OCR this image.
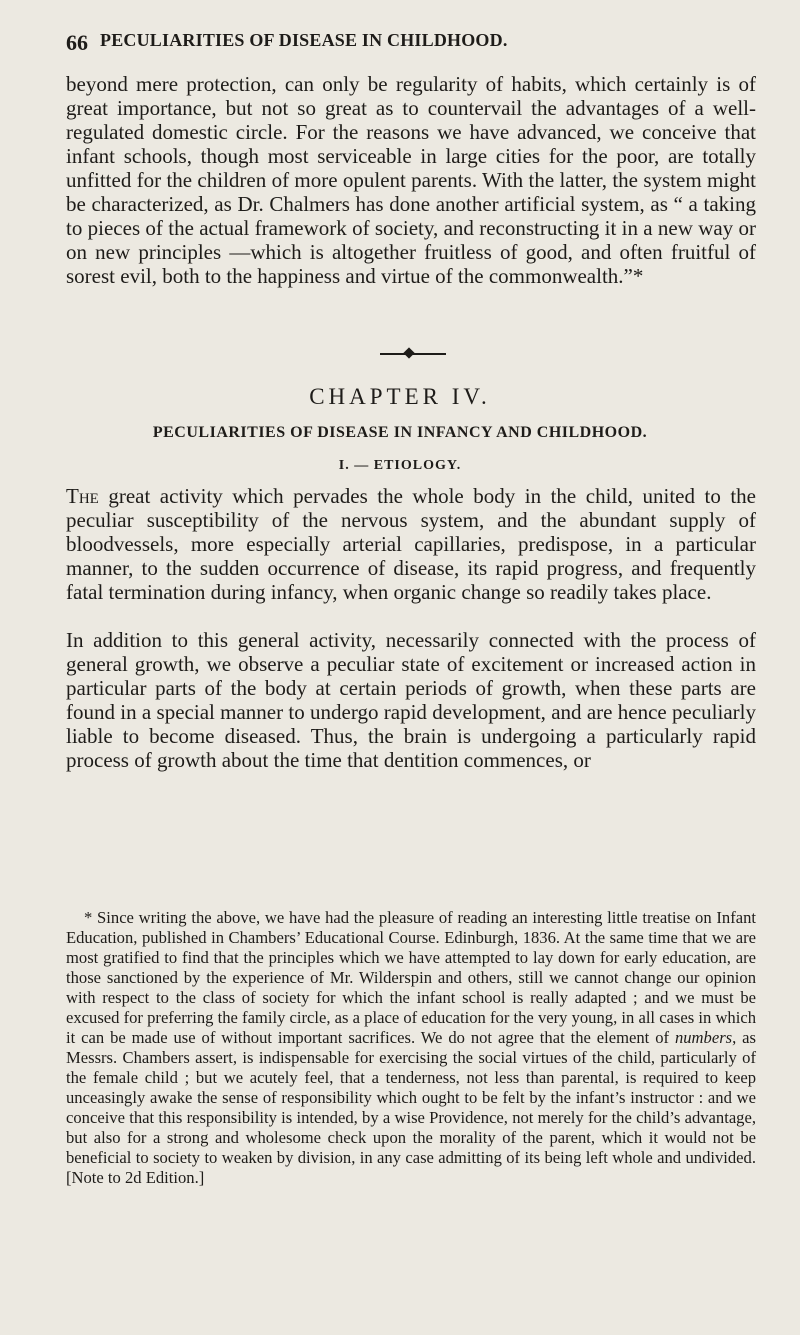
66 PECULIARITIES OF DISEASE IN CHILDHOOD.

beyond mere protection, can only be regularity of habits, which certainly is of great importance, but not so great as to countervail the advantages of a well-regulated domestic circle. For the reasons we have advanced, we conceive that infant schools, though most serviceable in large cities for the poor, are totally unfitted for the children of more opulent parents. With the latter, the system might be characterized, as Dr. Chalmers has done another artificial system, as “ a taking to pieces of the actual framework of society, and reconstructing it in a new way or on new principles —which is altogether fruitless of good, and often fruitful of sorest evil, both to the happiness and virtue of the commonwealth.”*

CHAPTER IV.
PECULIARITIES OF DISEASE IN INFANCY AND CHILDHOOD.
I. — ETIOLOGY.

The great activity which pervades the whole body in the child, united to the peculiar susceptibility of the nervous system, and the abundant supply of bloodvessels, more especially arterial capillaries, predispose, in a particular manner, to the sudden occurrence of disease, its rapid progress, and frequently fatal termination during infancy, when organic change so readily takes place.

In addition to this general activity, necessarily connected with the process of general growth, we observe a peculiar state of excitement or increased action in particular parts of the body at certain periods of growth, when these parts are found in a special manner to undergo rapid development, and are hence peculiarly liable to become diseased. Thus, the brain is undergoing a particularly rapid process of growth about the time that dentition commences, or

* Since writing the above, we have had the pleasure of reading an interesting little treatise on Infant Education, published in Chambers’ Educational Course. Edinburgh, 1836. At the same time that we are most gratified to find that the principles which we have attempted to lay down for early education, are those sanctioned by the experience of Mr. Wilderspin and others, still we cannot change our opinion with respect to the class of society for which the infant school is really adapted ; and we must be excused for preferring the family circle, as a place of education for the very young, in all cases in which it can be made use of without important sacrifices. We do not agree that the element of numbers, as Messrs. Chambers assert, is indispensable for exercising the social virtues of the child, particularly of the female child ; but we acutely feel, that a tenderness, not less than parental, is required to keep unceasingly awake the sense of responsibility which ought to be felt by the infant’s instructor : and we conceive that this responsibility is intended, by a wise Providence, not merely for the child’s advantage, but also for a strong and wholesome check upon the morality of the parent, which it would not be beneficial to society to weaken by division, in any case admitting of its being left whole and undivided. [Note to 2d Edition.]
